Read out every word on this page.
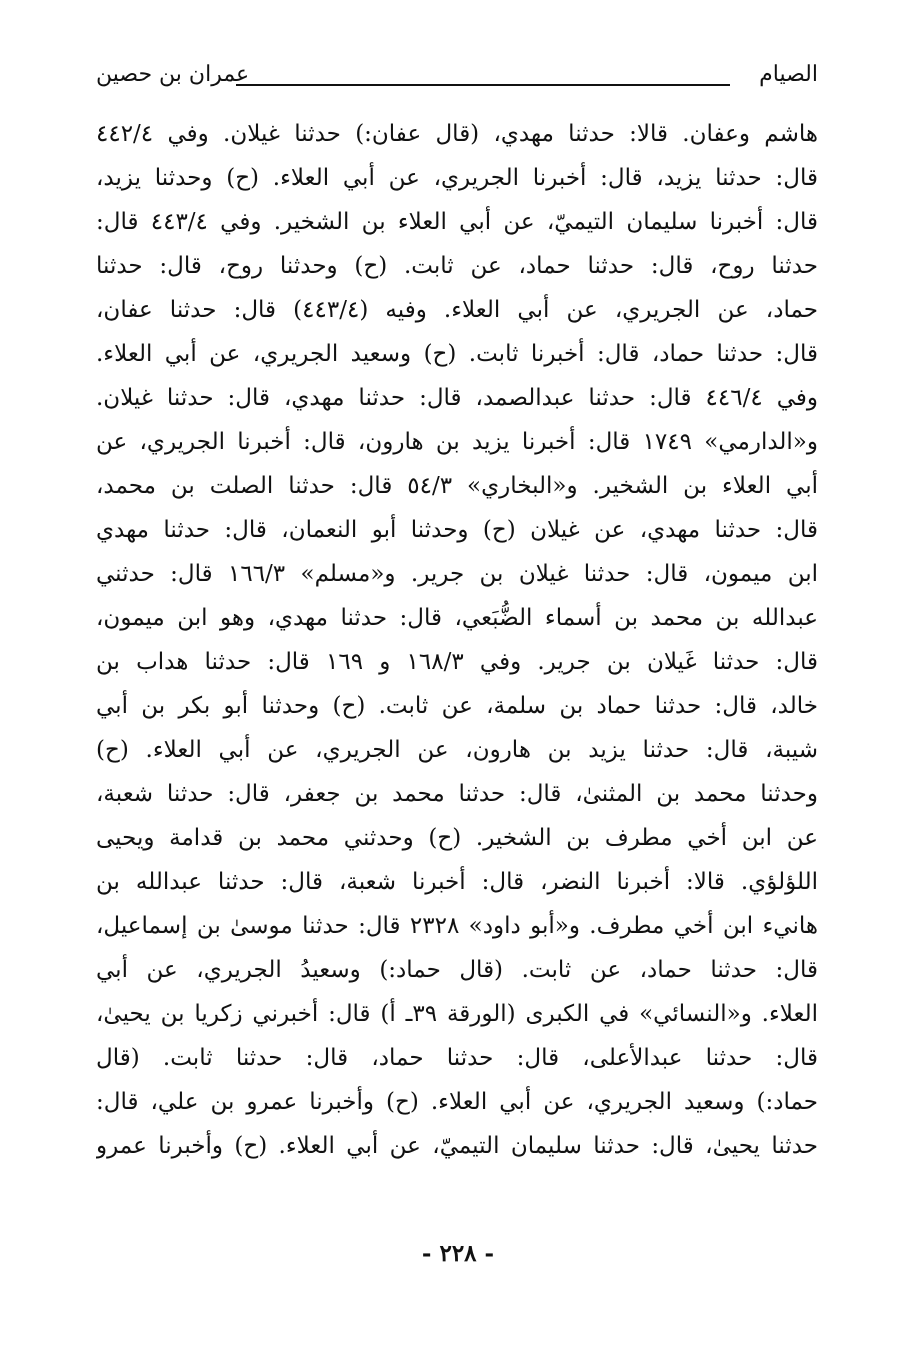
الصيام
عمران بن حصين
هاشم وعفان. قالا: حدثنا مهدي، (قال عفان:) حدثنا غيلان. وفي ٤٤٢/٤
قال: حدثنا يزيد، قال: أخبرنا الجريري، عن أبي العلاء. (ح) وحدثنا يزيد،
قال: أخبرنا سليمان التيميّ، عن أبي العلاء بن الشخير. وفي ٤٤٣/٤ قال:
حدثنا روح، قال: حدثنا حماد، عن ثابت. (ح) وحدثنا روح، قال: حدثنا
حماد، عن الجريري، عن أبي العلاء. وفيه (٤٤٣/٤) قال: حدثنا عفان،
قال: حدثنا حماد، قال: أخبرنا ثابت. (ح) وسعيد الجريري، عن أبي العلاء.
وفي ٤٤٦/٤ قال: حدثنا عبدالصمد، قال: حدثنا مهدي، قال: حدثنا غيلان.
و«الدارمي» ١٧٤٩ قال: أخبرنا يزيد بن هارون، قال: أخبرنا الجريري، عن
أبي العلاء بن الشخير. و«البخاري» ٥٤/٣ قال: حدثنا الصلت بن محمد،
قال: حدثنا مهدي، عن غيلان (ح) وحدثنا أبو النعمان، قال: حدثنا مهدي
ابن ميمون، قال: حدثنا غيلان بن جرير. و«مسلم» ١٦٦/٣ قال: حدثني
عبدالله بن محمد بن أسماء الضُّبَعي، قال: حدثنا مهدي، وهو ابن ميمون،
قال: حدثنا غَيلان بن جرير. وفي ١٦٨/٣ و ١٦٩ قال: حدثنا هداب بن
خالد، قال: حدثنا حماد بن سلمة، عن ثابت. (ح) وحدثنا أبو بكر بن أبي
شيبة، قال: حدثنا يزيد بن هارون، عن الجريري، عن أبي العلاء. (ح)
وحدثنا محمد بن المثنىٰ، قال: حدثنا محمد بن جعفر، قال: حدثنا شعبة،
عن ابن أخي مطرف بن الشخير. (ح) وحدثني محمد بن قدامة ويحيى
اللؤلؤي. قالا: أخبرنا النضر، قال: أخبرنا شعبة، قال: حدثنا عبدالله بن
هانيء ابن أخي مطرف. و«أبو داود» ٢٣٢٨ قال: حدثنا موسىٰ بن إسماعيل،
قال: حدثنا حماد، عن ثابت. (قال حماد:) وسعيدُ الجريري، عن أبي
العلاء. و«النسائي» في الكبرى (الورقة ٣٩ـ أ) قال: أخبرني زكريا بن يحيىٰ،
قال: حدثنا عبدالأعلى، قال: حدثنا حماد، قال: حدثنا ثابت. (قال
حماد:) وسعيد الجريري، عن أبي العلاء. (ح) وأخبرنا عمرو بن علي، قال:
حدثنا يحيىٰ، قال: حدثنا سليمان التيميّ، عن أبي العلاء. (ح) وأخبرنا عمرو
- ٢٢٨ -
